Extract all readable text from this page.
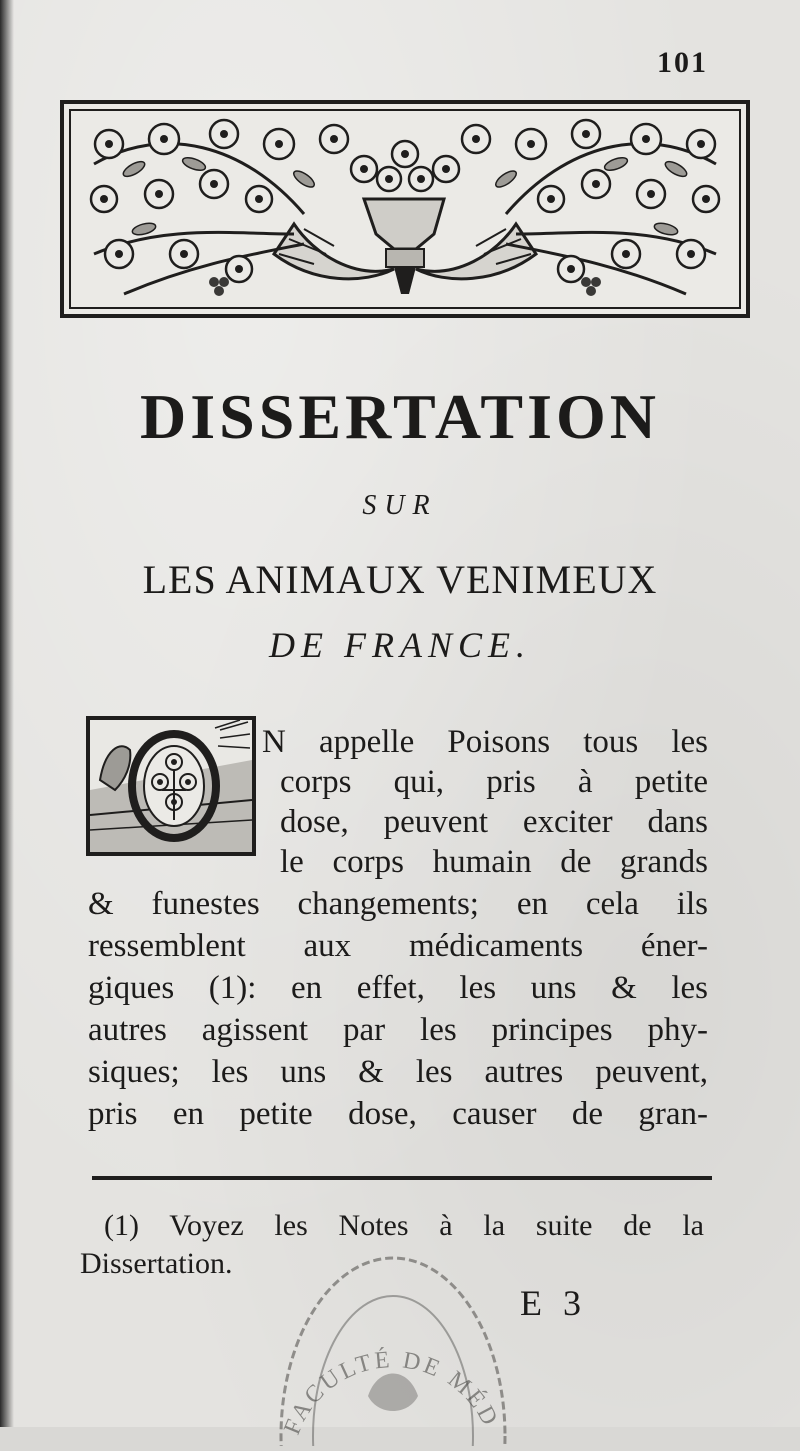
101
DISSERTATION
SUR
LES ANIMAUX VENIMEUX
DE FRANCE.
N appelle Poisons tous les
corps qui, pris à petite
dose, peuvent exciter dans
le corps humain de grands
& funestes changements; en cela ils
ressemblent aux médicaments éner-
giques (1): en effet, les uns & les
autres agissent par les principes phy-
siques; les uns & les autres peuvent,
pris en petite dose, causer de gran-
(1) Voyez les Notes à la suite de la
Dissertation.
E 3
FACULTÉ DE MÉD
